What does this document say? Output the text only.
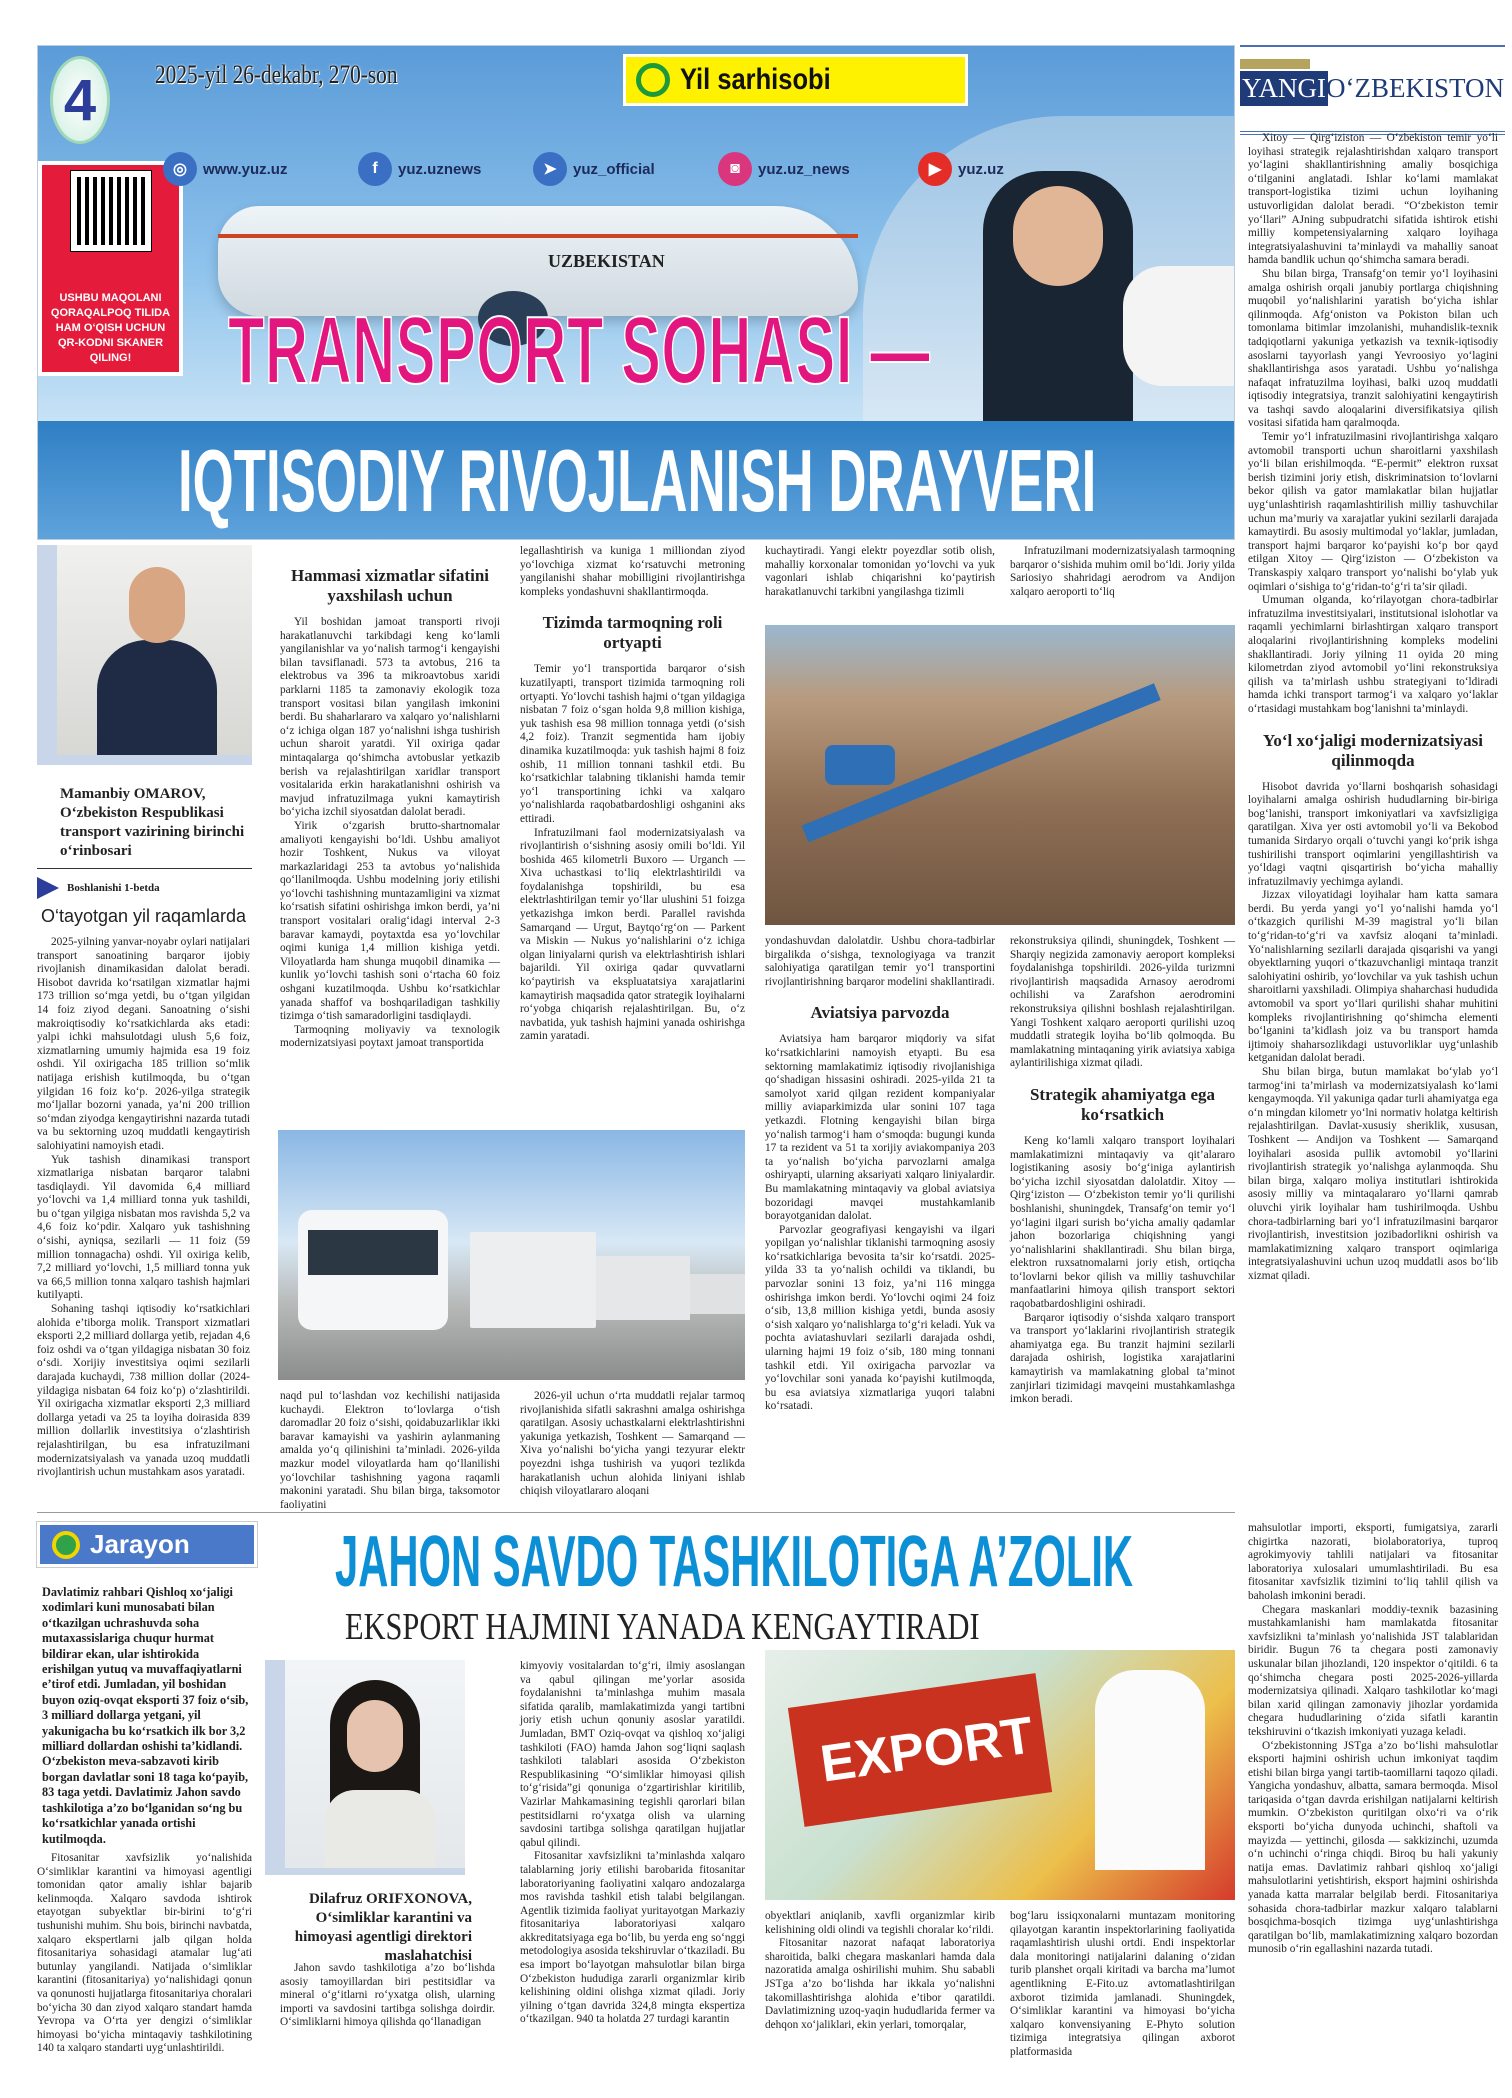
4 2025-yil 26-dekabr, 270-son	Yil sarhisobi
USHBU MAQOLANI QORAQALPOQ TILIDA HAM O‘QISH UCHUN QR-KODNI SKANER QILING!
UZBEKISTAN
TRANSPORT SOHASI —
IQTISODIY RIVOJLANISH DRAYVERI
◎	www.yuz.uz	f	yuz.uznews	➤	yuz_official	◙	yuz.uz_news	▶	yuz.uz
YANGI O‘ZBEKISTON

Xitoy — Qirg‘iziston — O‘zbekiston temir yo‘li loyihasi strategik rejalashtirishdan xalqaro transport yo‘lagini shakllantirishning amaliy bosqichiga o‘tilganini anglatadi. Ishlar ko‘lami mamlakat transport-logistika tizimi uchun loyihaning ustuvorligidan dalolat beradi. “O‘zbekiston temir yo‘llari” AJning subpudratchi sifatida ishtirok etishi milliy kompetensiyalarning xalqaro loyihaga integratsiyalashuvini ta’minlaydi va mahalliy sanoat hamda bandlik uchun qo‘shimcha samara beradi.

Shu bilan birga, Transafg‘on temir yo‘l loyihasini amalga oshirish orqali janubiy portlarga chiqishning muqobil yo‘nalishlarini yaratish bo‘yicha ishlar qilinmoqda. Afg‘oniston va Pokiston bilan uch tomonlama bitimlar imzolanishi, muhandislik-texnik tadqiqotlarni yakuniga yetkazish va texnik-iqtisodiy asoslarni tayyorlash yangi Yevroosiyo yo‘lagini shakllantirishga asos yaratadi. Ushbu yo‘nalishga nafaqat infratuzilma loyihasi, balki uzoq muddatli iqtisodiy integratsiya, tranzit salohiyatini kengaytirish va tashqi savdo aloqalarini diversifikatsiya qilish vositasi sifatida ham qaralmoqda.

Temir yo‘l infratuzilmasini rivojlantirishga xalqaro avtomobil transporti uchun sharoitlarni yaxshilash yo‘li bilan erishilmoqda. “E-permit” elektron ruxsat berish tizimini joriy etish, diskriminatsion to‘lovlarni bekor qilish va gator mamlakatlar bilan hujjatlar uyg‘unlashtirish raqamlashtirilish milliy tashuvchilar uchun ma’muriy va xarajatlar yukini sezilarli darajada kamaytirdi. Bu asosiy multimodal yo‘laklar, jumladan, transport hajmi barqaror ko‘payishi ko‘p bor qayd etilgan Xitoy — Qirg‘iziston — O‘zbekiston va Transkaspiy xalqaro transport yo‘nalishi bo‘ylab yuk oqimlari o‘sishiga to‘g‘ridan-to‘g‘ri ta’sir qiladi.

Umuman olganda, ko‘rilayotgan chora-tadbirlar infratuzilma investitsiyalari, institutsional islohotlar va raqamli yechimlarni birlashtirgan xalqaro transport aloqalarini rivojlantirishning kompleks modelini shakllantiradi. Joriy yilning 11 oyida 20 ming kilometrdan ziyod avtomobil yo‘lini rekonstruksiya qilish va ta’mirlash ushbu strategiyani to‘ldiradi hamda ichki transport tarmog‘i va xalqaro yo‘laklar o‘rtasidagi mustahkam bog‘lanishni ta’minlaydi.

Yo‘l xo‘jaligi modernizatsiyasi qilinmoqda

Hisobot davrida yo‘llarni boshqarish sohasidagi loyihalarni amalga oshirish hududlarning bir-biriga bog‘lanishi, transport imkoniyatlari va xavfsizligiga qaratilgan. Xiva yer osti avtomobil yo‘li va Bekobod tumanida Sirdaryo orqali o‘tuvchi yangi ko‘prik ishga tushirilishi transport oqimlarini yengillashtirish va yo‘ldagi vaqtni qisqartirish bo‘yicha mahalliy infratuzilmaviy yechimga aylandi.

Jizzax viloyatidagi loyihalar ham katta samara berdi. Bu yerda yangi yo‘l yo‘nalishi hamda yo‘l o‘tkazgich qurilishi M-39 magistral yo‘li bilan to‘g‘ridan-to‘g‘ri va xavfsiz aloqani ta’minladi. Yo‘nalishlarning sezilarli darajada qisqarishi va yangi obyektlarning yuqori o‘tkazuvchanligi mintaqa tranzit salohiyatini oshirib, yo‘lovchilar va yuk tashish uchun sharoitlarni yaxshiladi. Olimpiya shaharchasi hududida avtomobil va sport yo‘llari qurilishi shahar muhitini kompleks rivojlantirishning qo‘shimcha elementi bo‘lganini ta’kidlash joiz va bu transport hamda ijtimoiy shaharsozlikdagi ustuvorliklar uyg‘unlashib ketganidan dalolat beradi.

Shu bilan birga, butun mamlakat bo‘ylab yo‘l tarmog‘ini ta’mirlash va modernizatsiyalash ko‘lami kengaymoqda. Yil yakuniga qadar turli ahamiyatga ega o‘n mingdan kilometr yo‘lni normativ holatga keltirish rejalashtirilgan. Davlat-xususiy sheriklik, xususan, Toshkent — Andijon va Toshkent — Samarqand loyihalari asosida pullik avtomobil yo‘llarini rivojlantirish strategik yo‘nalishga aylanmoqda. Shu bilan birga, xalqaro moliya institutlari ishtirokida asosiy milliy va mintaqalararo yo‘llarni qamrab oluvchi yirik loyihalar ham tushirilmoqda. Ushbu chora-tadbirlarning bari yo‘l infratuzilmasini barqaror rivojlantirish, investitsion jozibadorlikni oshirish va mamlakatimizning xalqaro transport oqimlariga integratsiyalashuvini uchun uzoq muddatli asos bo‘lib xizmat qiladi.

Mamanbiy OMAROV,
O‘zbekiston Respublikasi transport vazirining birinchi o‘rinbosari
Boshlanishi 1-betda
O‘tayotgan yil raqamlarda

2025-yilning yanvar-noyabr oylari natijalari transport sanoatining barqaror ijobiy rivojlanish dinamikasidan dalolat beradi. Hisobot davrida ko‘rsatilgan xizmatlar hajmi 173 trillion so‘mga yetdi, bu o‘tgan yilgidan 14 foiz ziyod degani. Sanoatning o‘sishi makroiqtisodiy ko‘rsatkichlarda aks etadi: yalpi ichki mahsulotdagi ulush 5,6 foiz, xizmatlarning umumiy hajmida esa 19 foiz oshdi. Yil oxirigacha 185 trillion so‘mlik natijaga erishish kutilmoqda, bu o‘tgan yilgidan 16 foiz ko‘p. 2026-yilga strategik mo‘ljallar bozorni yanada, ya’ni 200 trillion so‘mdan ziyodga kengaytirishni nazarda tutadi va bu sektorning uzoq muddatli kengaytirish salohiyatini namoyish etadi.

Yuk tashish dinamikasi transport xizmatlariga nisbatan barqaror talabni tasdiqlaydi. Yil davomida 6,4 milliard yo‘lovchi va 1,4 milliard tonna yuk tashildi, bu o‘tgan yilgiga nisbatan mos ravishda 5,2 va 4,6 foiz ko‘pdir. Xalqaro yuk tashishning o‘sishi, ayniqsa, sezilarli — 11 foiz (59 million tonnagacha) oshdi. Yil oxiriga kelib, 7,2 milliard yo‘lovchi, 1,5 milliard tonna yuk va 66,5 million tonna xalqaro tashish hajmlari kutilyapti.

Sohaning tashqi iqtisodiy ko‘rsatkichlari alohida e’tiborga molik. Transport xizmatlari eksporti 2,2 milliard dollarga yetib, rejadan 4,6 foiz oshdi va o‘tgan yildagiga nisbatan 30 foiz o‘sdi. Xorijiy investitsiya oqimi sezilarli darajada kuchaydi, 738 million dollar (2024-yildagiga nisbatan 64 foiz ko‘p) o‘zlashtirildi. Yil oxirigacha xizmatlar eksporti 2,3 milliard dollarga yetadi va 25 ta loyiha doirasida 839 million dollarlik investitsiya o‘zlashtirish rejalashtirilgan, bu esa infratuzilmani modernizatsiyalash va yanada uzoq muddatli rivojlantirish uchun mustahkam asos yaratadi.

Hammasi xizmatlar sifatini yaxshilash uchun

Yil boshidan jamoat transporti rivoji harakatlanuvchi tarkibdagi keng ko‘lamli yangilanishlar va yo‘nalish tarmog‘i kengayishi bilan tavsiflanadi. 573 ta avtobus, 216 ta elektrobus va 396 ta mikroavtobus xaridi parklarni 1185 ta zamonaviy ekologik toza transport vositasi bilan yangilash imkonini berdi. Bu shaharlararo va xalqaro yo‘nalishlarni o‘z ichiga olgan 187 yo‘nalishni ishga tushirish uchun sharoit yaratdi. Yil oxiriga qadar mintaqalarga qo‘shimcha avtobuslar yetkazib berish va rejalashtirilgan xaridlar transport vositalarida erkin harakatlanishni oshirish va mavjud infratuzilmaga yukni kamaytirish bo‘yicha izchil siyosatdan dalolat beradi.

Yirik o‘zgarish brutto-shartnomalar amaliyoti kengayishi bo‘ldi. Ushbu amaliyot hozir Toshkent, Nukus va viloyat markazlaridagi 253 ta avtobus yo‘nalishida qo‘llanilmoqda. Ushbu modelning joriy etilishi yo‘lovchi tashishning muntazamligini va xizmat ko‘rsatish sifatini oshirishga imkon berdi, ya’ni transport vositalari oralig‘idagi interval 2-3 baravar kamaydi, poytaxtda esa yo‘lovchilar oqimi kuniga 1,4 million kishiga yetdi. Viloyatlarda ham shunga muqobil dinamika — kunlik yo‘lovchi tashish soni o‘rtacha 60 foiz oshgani kuzatilmoqda. Ushbu ko‘rsatkichlar yanada shaffof va boshqariladigan tashkiliy tizimga o‘tish samaradorligini tasdiqlaydi.

Tarmoqning moliyaviy va texnologik modernizatsiyasi poytaxt jamoat transportida

legallashtirish va kuniga 1 milliondan ziyod yo‘lovchiga xizmat ko‘rsatuvchi metroning yangilanishi shahar mobilligini rivojlantirishga kompleks yondashuvni shakllantirmoqda.

Tizimda tarmoqning roli ortyapti

Temir yo‘l transportida barqaror o‘sish kuzatilyapti, transport tizimida tarmoqning roli ortyapti. Yo‘lovchi tashish hajmi o‘tgan yildagiga nisbatan 7 foiz o‘sgan holda 9,8 million kishiga, yuk tashish esa 98 million tonnaga yetdi (o‘sish 4,2 foiz). Tranzit segmentida ham ijobiy dinamika kuzatilmoqda: yuk tashish hajmi 8 foiz oshib, 11 million tonnani tashkil etdi. Bu ko‘rsatkichlar talabning tiklanishi hamda temir yo‘l transportining ichki va xalqaro yo‘nalishlarda raqobatbardoshligi oshganini aks ettiradi.

Infratuzilmani faol modernizatsiyalash va rivojlantirish o‘sishning asosiy omili bo‘ldi. Yil boshida 465 kilometrli Buxoro — Urganch — Xiva uchastkasi to‘liq elektrlashtirildi va foydalanishga topshirildi, bu esa elektrlashtirilgan temir yo‘llar ulushini 51 foizga yetkazishga imkon berdi. Parallel ravishda Samarqand — Urgut, Baytqo‘rg‘on — Parkent va Miskin — Nukus yo‘nalishlarini o‘z ichiga olgan liniyalarni qurish va elektrlashtirish ishlari bajarildi. Yil oxiriga qadar quvvatlarni ko‘paytirish va ekspluatatsiya xarajatlarini kamaytirish maqsadida qator strategik loyihalarni ro‘yobga chiqarish rejalashtirilgan. Bu, o‘z navbatida, yuk tashish hajmini yanada oshirishga zamin yaratadi.

naqd pul to‘lashdan voz kechilishi natijasida kuchaydi. Elektron to‘lovlarga o‘tish daromadlar 20 foiz o‘sishi, qoidabuzarliklar ikki baravar kamayishi va yashirin aylanmaning amalda yo‘q qilinishini ta’minladi. 2026-yilda mazkur model viloyatlarda ham qo‘llanilishi yo‘lovchilar tashishning yagona raqamli makonini yaratadi. Shu bilan birga, taksomotor faoliyatini

2026-yil uchun o‘rta muddatli rejalar tarmoq rivojlanishida sifatli sakrashni amalga oshirishga qaratilgan. Asosiy uchastkalarni elektrlashtirishni yakuniga yetkazish, Toshkent — Samarqand — Xiva yo‘nalishi bo‘yicha yangi tezyurar elektr poyezdni ishga tushirish va yuqori tezlikda harakatlanish uchun alohida liniyani ishlab chiqish viloyatlararo aloqani

kuchaytiradi. Yangi elektr poyezdlar sotib olish, mahalliy korxonalar tomonidan yo‘lovchi va yuk vagonlari ishlab chiqarishni ko‘paytirish harakatlanuvchi tarkibni yangilashga tizimli

Infratuzilmani modernizatsiyalash tarmoqning barqaror o‘sishida muhim omil bo‘ldi. Joriy yilda Sariosiyo shahridagi aerodrom va Andijon xalqaro aeroporti to‘liq

yondashuvdan dalolatdir. Ushbu chora-tadbirlar birgalikda o‘sishga, texnologiyaga va tranzit salohiyatiga qaratilgan temir yo‘l transportini rivojlantirishning barqaror modelini shakllantiradi.

Aviatsiya parvozda

Aviatsiya ham barqaror miqdoriy va sifat ko‘rsatkichlarini namoyish etyapti. Bu esa sektorning mamlakatimiz iqtisodiy rivojlanishiga qo‘shadigan hissasini oshiradi. 2025-yilda 21 ta samolyot xarid qilgan rezident kompaniyalar milliy aviaparkimizda ular sonini 107 taga yetkazdi. Flotning kengayishi bilan birga yo‘nalish tarmog‘i ham o‘smoqda: bugungi kunda 17 ta rezident va 51 ta xorijiy aviakompaniya 203 ta yo‘nalish bo‘yicha parvozlarni amalga oshiryapti, ularning aksariyati xalqaro liniyalardir. Bu mamlakatning mintaqaviy va global aviatsiya bozoridagi mavqei mustahkamlanib borayotganidan dalolat.

Parvozlar geografiyasi kengayishi va ilgari yopilgan yo‘nalishlar tiklanishi tarmoqning asosiy ko‘rsatkichlariga bevosita ta’sir ko‘rsatdi. 2025-yilda 33 ta yo‘nalish ochildi va tiklandi, bu parvozlar sonini 13 foiz, ya’ni 116 mingga oshirishga imkon berdi. Yo‘lovchi oqimi 24 foiz o‘sib, 13,8 million kishiga yetdi, bunda asosiy o‘sish xalqaro yo‘nalishlarga to‘g‘ri keladi. Yuk va pochta aviatashuvlari sezilarli darajada oshdi, ularning hajmi 19 foiz o‘sib, 180 ming tonnani tashkil etdi. Yil oxirigacha parvozlar va yo‘lovchilar soni yanada ko‘payishi kutilmoqda, bu esa aviatsiya xizmatlariga yuqori talabni ko‘rsatadi.

rekonstruksiya qilindi, shuningdek, Toshkent — Sharqiy negizida zamonaviy aeroport kompleksi foydalanishga topshirildi. 2026-yilda turizmni rivojlantirish maqsadida Arnasoy aerodromi ochilishi va Zarafshon aerodromini rekonstruksiya qilishni boshlash rejalashtirilgan. Yangi Toshkent xalqaro aeroporti qurilishi uzoq muddatli strategik loyiha bo‘lib qolmoqda. Bu mamlakatning mintaqaning yirik aviatsiya xabiga aylantirilishiga xizmat qiladi.

Strategik ahamiyatga ega ko‘rsatkich

Keng ko‘lamli xalqaro transport loyihalari mamlakatimizni mintaqaviy va qit’alararo logistikaning asosiy bo‘g‘iniga aylantirish bo‘yicha izchil siyosatdan dalolatdir. Xitoy — Qirg‘iziston — O‘zbekiston temir yo‘li qurilishi boshlanishi, shuningdek, Transafg‘on temir yo‘l yo‘lagini ilgari surish bo‘yicha amaliy qadamlar jahon bozorlariga chiqishning yangi yo‘nalishlarini shakllantiradi. Shu bilan birga, elektron ruxsatnomalarni joriy etish, ortiqcha to‘lovlarni bekor qilish va milliy tashuvchilar manfaatlarini himoya qilish transport sektori raqobatbardoshligini oshiradi.

Barqaror iqtisodiy o‘sishda xalqaro transport va transport yo‘laklarini rivojlantirish strategik ahamiyatga ega. Bu tranzit hajmini sezilarli darajada oshirish, logistika xarajatlarini kamaytirish va mamlakatning global ta’minot zanjirlari tizimidagi mavqeini mustahkamlashga imkon beradi.

Jarayon JAHON SAVDO TASHKILOTIGA A’ZOLIK
EKSPORT HAJMINI YANADA KENGAYTIRADI
Davlatimiz rahbari Qishloq xo‘jaligi xodimlari kuni munosabati bilan o‘tkazilgan uchrashuvda soha mutaxassislariga chuqur hurmat bildirar ekan, ular ishtirokida erishilgan yutuq va muvaffaqiyatlarni e’tirof etdi. Jumladan, yil boshidan buyon oziq-ovqat eksporti 37 foiz o‘sib, 3 milliard dollarga yetgani, yil yakunigacha bu ko‘rsatkich ilk bor 3,2 milliard dollardan oshishi ta’kidlandi. O‘zbekiston meva-sabzavoti kirib borgan davlatlar soni 18 taga ko‘payib, 83 taga yetdi. Davlatimiz Jahon savdo tashkilotiga a’zo bo‘lganidan so‘ng bu ko‘rsatkichlar yanada ortishi kutilmoqda.

Fitosanitar xavfsizlik yo‘nalishida O‘simliklar karantini va himoyasi agentligi tomonidan qator amaliy ishlar bajarib kelinmoqda. Xalqaro savdoda ishtirok etayotgan subyektlar bir-birini to‘g‘ri tushunishi muhim. Shu bois, birinchi navbatda, xalqaro ekspertlarni jalb qilgan holda fitosanitariya sohasidagi atamalar lug‘ati butunlay yangilandi. Natijada o‘simliklar karantini (fitosanitariya) yo‘nalishidagi qonun va qonunosti hujjatlarga fitosanitariya choralari bo‘yicha 30 dan ziyod xalqaro standart hamda Yevropa va O‘rta yer dengizi o‘simliklar himoyasi bo‘yicha mintaqaviy tashkilotining 140 ta xalqaro standarti uyg‘unlashtirildi.

Dilafruz ORIFXONOVA,
O‘simliklar karantini va himoyasi agentligi direktori maslahatchisi

Jahon savdo tashkilotiga a’zo bo‘lishda asosiy tamoyillardan biri pestitsidlar va mineral o‘g‘itlarni ro‘yxatga olish, ularning importi va savdosini tartibga solishga doirdir. O‘simliklarni himoya qilishda qo‘llanadigan

kimyoviy vositalardan to‘g‘ri, ilmiy asoslangan va qabul qilingan me’yorlar asosida foydalanishni ta’minlashga muhim masala sifatida qaralib, mamlakatimizda yangi tartibni joriy etish uchun qonuniy asoslar yaratildi. Jumladan, BMT Oziq-ovqat va qishloq xo‘jaligi tashkiloti (FAO) hamda Jahon sog‘liqni saqlash tashkiloti talablari asosida O‘zbekiston Respublikasining “O‘simliklar himoyasi qilish to‘g‘risida”gi qonuniga o‘zgartirishlar kiritilib, Vazirlar Mahkamasining tegishli qarorlari bilan pestitsidlarni ro‘yxatga olish va ularning savdosini tartibga solishga qaratilgan hujjatlar qabul qilindi.

Fitosanitar xavfsizlikni ta’minlashda xalqaro talablarning joriy etilishi barobarida fitosanitar laboratoriyaning faoliyatini xalqaro andozalarga mos ravishda tashkil etish talabi belgilangan. Agentlik tizimida faoliyat yuritayotgan Markaziy fitosanitariya laboratoriyasi xalqaro akkreditatsiyaga ega bo‘lib, bu yerda eng so‘nggi metodologiya asosida tekshiruvlar o‘tkaziladi. Bu esa import bo‘layotgan mahsulotlar bilan birga O‘zbekiston hududiga zararli organizmlar kirib kelishining oldini olishga xizmat qiladi. Joriy yilning o‘tgan davrida 324,8 mingta ekspertiza o‘tkazilgan. 940 ta holatda 27 turdagi karantin

EXPORT

obyektlari aniqlanib, xavfli organizmlar kirib kelishining oldi olindi va tegishli choralar ko‘rildi.

Fitosanitar nazorat nafaqat laboratoriya sharoitida, balki chegara maskanlari hamda dala nazoratida amalga oshirilishi muhim. Shu sababli JSTga a’zo bo‘lishda har ikkala yo‘nalishni takomillashtirishga alohida e’tibor qaratildi. Davlatimizning uzoq-yaqin hududlarida fermer va dehqon xo‘jaliklari, ekin yerlari, tomorqalar,

bog‘laru issiqxonalarni muntazam monitoring qilayotgan karantin inspektorlarining faoliyatida raqamlashtirish ulushi ortdi. Endi inspektorlar dala monitoringi natijalarini dalaning o‘zidan turib planshet orqali kiritadi va barcha ma’lumot agentlikning E-Fito.uz avtomatlashtirilgan axborot tizimida jamlanadi. Shuningdek, O‘simliklar karantini va himoyasi bo‘yicha xalqaro konvensiyaning E-Phyto solution tizimiga integratsiya qilingan axborot platformasida

mahsulotlar importi, eksporti, fumigatsiya, zararli chigirtka nazorati, biolaboratoriya, tuproq agrokimyoviy tahlili natijalari va fitosanitar laboratoriya xulosalari umumlashtiriladi. Bu esa fitosanitar xavfsizlik tizimini to‘liq tahlil qilish va baholash imkonini beradi.

Chegara maskanlari moddiy-texnik bazasining mustahkamlanishi ham mamlakatda fitosanitar xavfsizlikni ta’minlash yo‘nalishida JST talablaridan biridir. Bugun 76 ta chegara posti zamonaviy uskunalar bilan jihozlandi, 120 inspektor o‘qitildi. 6 ta qo‘shimcha chegara posti 2025-2026-yillarda modernizatsiya qilinadi. Xalqaro tashkilotlar ko‘magi bilan xarid qilingan zamonaviy jihozlar yordamida chegara hududlarining o‘zida sifatli karantin tekshiruvini o‘tkazish imkoniyati yuzaga keladi.

O‘zbekistonning JSTga a’zo bo‘lishi mahsulotlar eksporti hajmini oshirish uchun imkoniyat taqdim etishi bilan birga yangi tartib-taomillarni taqozo qiladi. Yangicha yondashuv, albatta, samara bermoqda. Misol tariqasida o‘tgan davrda erishilgan natijalarni keltirish mumkin. O‘zbekiston quritilgan olxo‘ri va o‘rik eksporti bo‘yicha dunyoda uchinchi, shaftoli va mayizda — yettinchi, gilosda — sakkizinchi, uzumda o‘n uchinchi o‘ringa chiqdi. Biroq bu hali yakuniy natija emas. Davlatimiz rahbari qishloq xo‘jaligi mahsulotlarini yetishtirish, eksport hajmini oshirishda yanada katta marralar belgilab berdi. Fitosanitariya sohasida chora-tadbirlar mazkur xalqaro talablarni bosqichma-bosqich tizimga uyg‘unlashtirishga qaratilgan bo‘lib, mamlakatimizning xalqaro bozordan munosib o‘rin egallashini nazarda tutadi.
